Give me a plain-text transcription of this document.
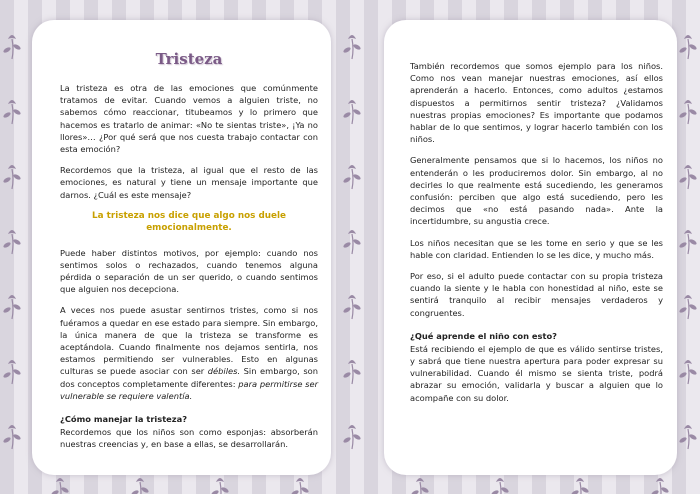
Tristeza

La tristeza es otra de las emociones que comúnmente tratamos de evitar. Cuando vemos a alguien triste, no sabemos cómo reaccionar, titubeamos y lo primero que hacemos es tratarlo de animar: «No te sientas triste», ¡Ya no llores»… ¿Por qué será que nos cuesta trabajo contactar con esta emoción?

Recordemos que la tristeza, al igual que el resto de las emociones, es natural y tiene un mensaje importante que darnos. ¿Cuál es este mensaje?

La tristeza nos dice que algo nos duele emocionalmente.

Puede haber distintos motivos, por ejemplo: cuando nos sentimos solos o rechazados, cuando tenemos alguna pérdida o separación de un ser querido, o cuando sentimos que alguien nos decepciona.

A veces nos puede asustar sentirnos tristes, como si nos fuéramos a quedar en ese estado para siempre. Sin embargo, la única manera de que la tristeza se transforme es aceptándola. Cuando finalmente nos dejamos sentirla, nos estamos permitiendo ser vulnerables. Esto en algunas culturas se puede asociar con ser débiles. Sin embargo, son dos conceptos completamente diferentes: para permitirse ser vulnerable se requiere valentía.

¿Cómo manejar la tristeza?

Recordemos que los niños son como esponjas: absorberán nuestras creencias y, en base a ellas, se desarrollarán.

También recordemos que somos ejemplo para los niños. Como nos vean manejar nuestras emociones, así ellos aprenderán a hacerlo. Entonces, como adultos ¿estamos dispuestos a permitirnos sentir tristeza? ¿Validamos nuestras propias emociones? Es importante que podamos hablar de lo que sentimos, y lograr hacerlo también con los niños.

Generalmente pensamos que si lo hacemos, los niños no entenderán o les produciremos dolor. Sin embargo, al no decirles lo que realmente está sucediendo, les generamos confusión: perciben que algo está sucediendo, pero les decimos que «no está pasando nada». Ante la incertidumbre, su angustia crece.

Los niños necesitan que se les tome en serio y que se les hable con claridad. Entienden lo se les dice, y mucho más.

Por eso, si el adulto puede contactar con su propia tristeza cuando la siente y le habla con honestidad al niño, este se sentirá tranquilo al recibir mensajes verdaderos y congruentes.

¿Qué aprende el niño con esto?

Está recibiendo el ejemplo de que es válido sentirse tristes, y sabrá que tiene nuestra apertura para poder expresar su vulnerabilidad. Cuando él mismo se sienta triste, podrá abrazar su emoción, validarla y buscar a alguien que lo acompañe con su dolor.
